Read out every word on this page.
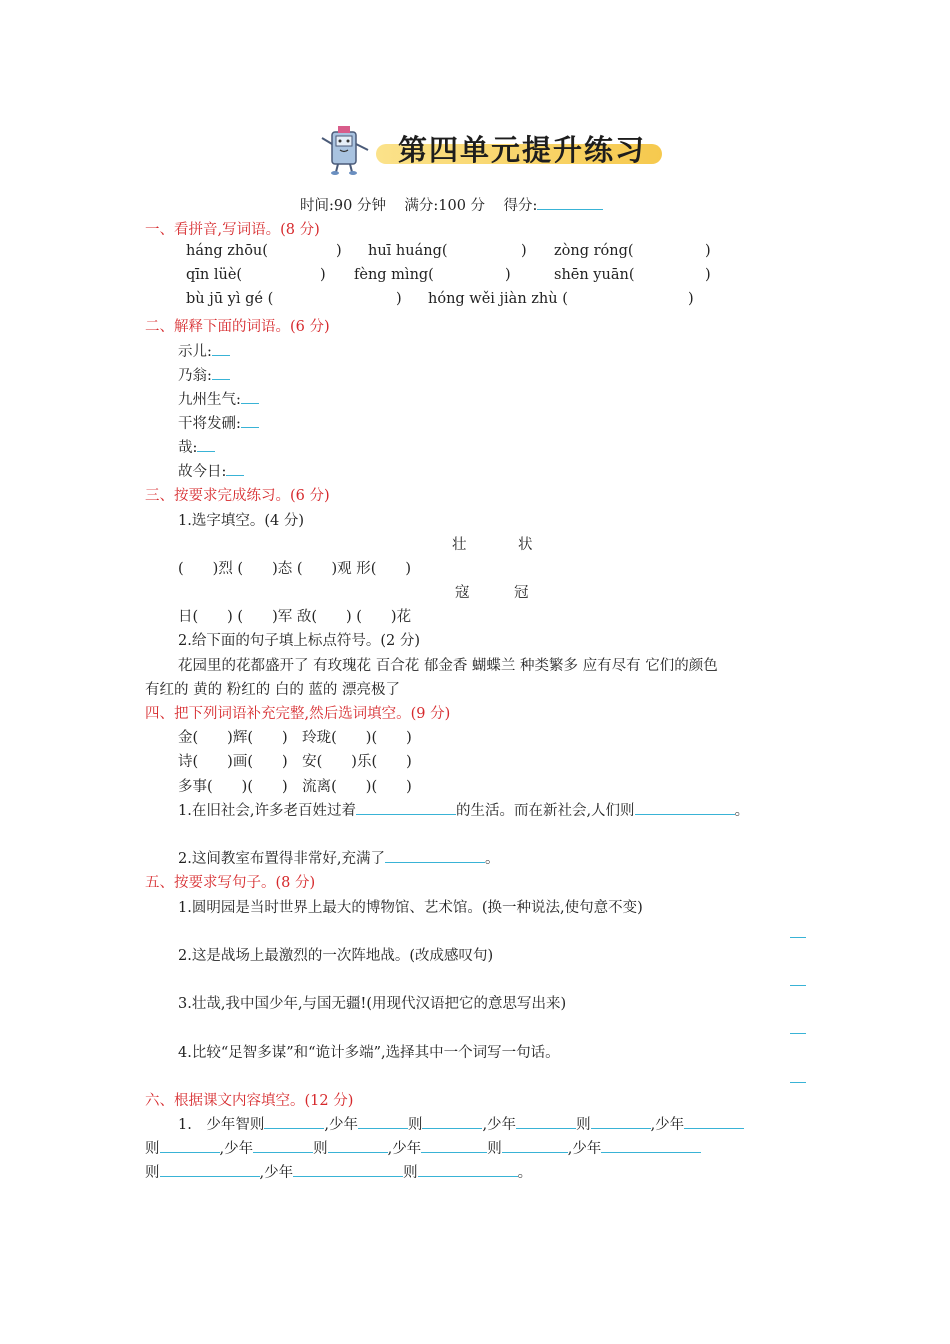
第四单元提升练习
时间:90 分钟 满分:100 分 得分:
一、看拼音,写词语。(8 分)
háng zhōu(	) huī huáng(	) zòng róng(	)
qīn lüè(	) fèng mìng(	)	shēn yuān(	)
bù jū yì gé (	) hóng wěi jiàn zhù (	)
二、解释下面的词语。(6 分)
示儿:
乃翁:
九州生气:
干将发硎:
哉:
故今日:
三、按要求完成练习。(6 分)
1.选字填空。(4 分)
壮	状
(　　)烈 (　　)态 (　　)观 形(　　)
寇	冠
日(　　) (　　)军 敌(　　) (　　)花
2.给下面的句子填上标点符号。(2 分)
花园里的花都盛开了 有玫瑰花 百合花 郁金香 蝴蝶兰 种类繁多 应有尽有 它们的颜色
有红的 黄的 粉红的 白的 蓝的 漂亮极了
四、把下列词语补充完整,然后选词填空。(9 分)
金(　　)辉(　　)　玲珑(　　)(　　)
诗(　　)画(　　)　安(　　)乐(　　)
多事(　　)(　　)　流离(　　)(　　)
1.在旧社会,许多老百姓过着	的生活。而在新社会,人们则	。
2.这间教室布置得非常好,充满了	。
五、按要求写句子。(8 分)
1.圆明园是当时世界上最大的博物馆、艺术馆。(换一种说法,使句意不变)
2.这是战场上最激烈的一次阵地战。(改成感叹句)
3.壮哉,我中国少年,与国无疆!(用现代汉语把它的意思写出来)
4.比较“足智多谋”和“诡计多端”,选择其中一个词写一句话。
六、根据课文内容填空。(12 分)
1.　少年智则	,少年	则	,少年	则	,少年
则	,少年	则	,少年	则	,少年
则	,少年	则	。
